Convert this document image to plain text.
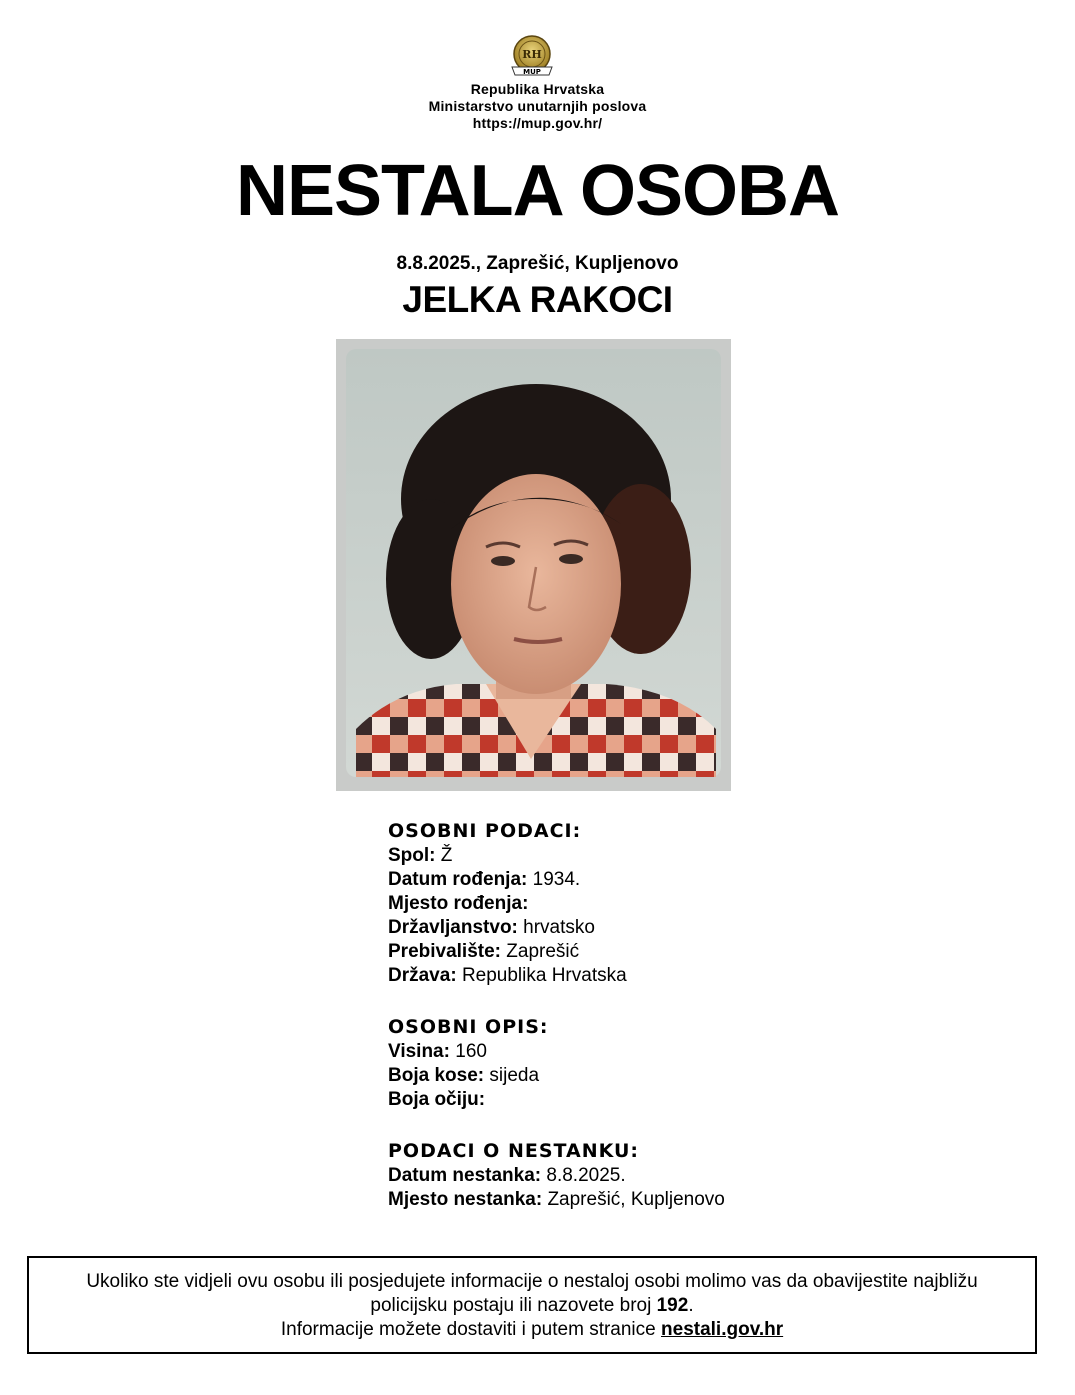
RH
MUP
Republika Hrvatska
Ministarstvo unutarnjih poslova
https://mup.gov.hr/
NESTALA OSOBA
8.8.2025., Zaprešić, Kupljenovo
JELKA RAKOCI
OSOBNI PODACI:
Spol: Ž
Datum rođenja: 1934.
Mjesto rođenja:
Državljanstvo: hrvatsko
Prebivalište: Zaprešić
Država: Republika Hrvatska
OSOBNI OPIS:
Visina: 160
Boja kose: sijeda
Boja očiju:
PODACI O NESTANKU:
Datum nestanka: 8.8.2025.
Mjesto nestanka: Zaprešić, Kupljenovo
Ukoliko ste vidjeli ovu osobu ili posjedujete informacije o nestaloj osobi molimo vas da obavijestite najbližu
policijsku postaju ili nazovete broj 192.
Informacije možete dostaviti i putem stranice nestali.gov.hr
